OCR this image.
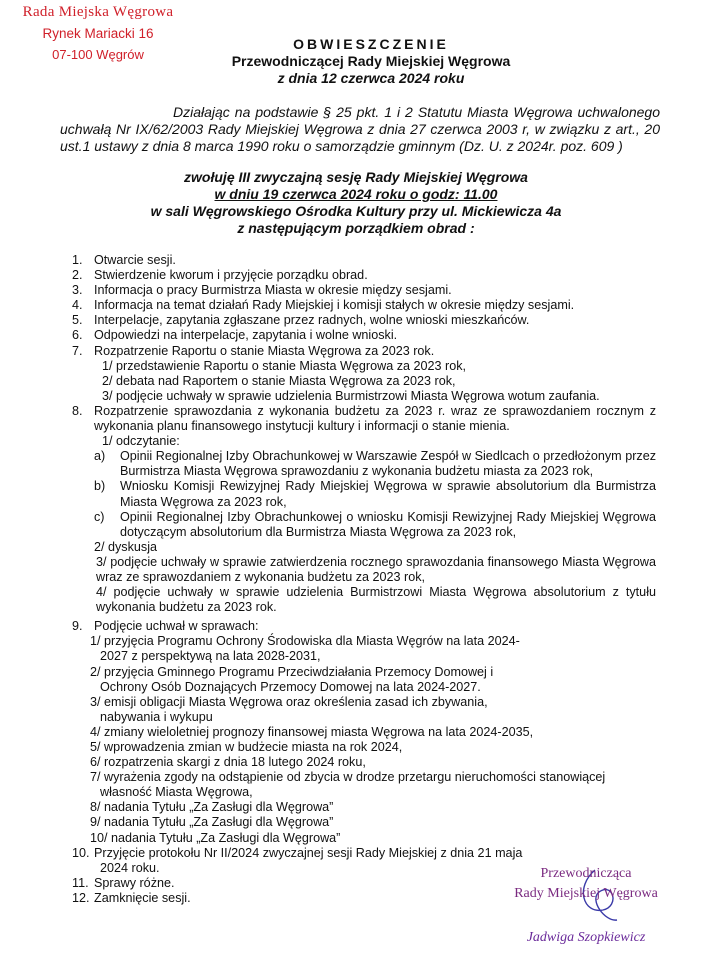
Rada Miejska Węgrowa
Rynek Mariacki 16
07-100 Węgrów
OBWIESZCZENIE
Przewodniczącej Rady Miejskiej Węgrowa
z dnia 12 czerwca 2024 roku
Działając na podstawie § 25 pkt. 1 i 2 Statutu Miasta Węgrowa uchwalonego uchwałą Nr IX/62/2003 Rady Miejskiej Węgrowa z dnia 27 czerwca 2003 r, w związku z art., 20 ust.1 ustawy z dnia 8 marca 1990 roku o samorządzie gminnym (Dz. U. z 2024r. poz. 609 )
zwołuję III zwyczajną sesję Rady Miejskiej Węgrowa
w dniu 19 czerwca 2024 roku o godz: 11.00
w sali Węgrowskiego Ośrodka Kultury przy ul. Mickiewicza 4a
z następującym porządkiem obrad :
1. Otwarcie sesji.
2. Stwierdzenie kworum i przyjęcie porządku obrad.
3. Informacja o pracy Burmistrza Miasta w okresie między sesjami.
4. Informacja na temat działań Rady Miejskiej i komisji stałych w okresie między sesjami.
5. Interpelacje, zapytania zgłaszane przez radnych, wolne wnioski mieszkańców.
6. Odpowiedzi na interpelacje, zapytania i wolne wnioski.
7. Rozpatrzenie Raportu o stanie Miasta Węgrowa za 2023 rok.
1/ przedstawienie Raportu o stanie Miasta Węgrowa za 2023 rok,
2/ debata nad Raportem o stanie Miasta Węgrowa za 2023 rok,
3/ podjęcie uchwały w sprawie udzielenia Burmistrzowi Miasta Węgrowa wotum zaufania.
8. Rozpatrzenie sprawozdania z wykonania budżetu za 2023 r. wraz ze sprawozdaniem rocznym z wykonania planu finansowego instytucji kultury i informacji o stanie mienia.
1/ odczytanie:
a) Opinii Regionalnej Izby Obrachunkowej w Warszawie Zespół w Siedlcach o przedłożonym przez Burmistrza Miasta Węgrowa sprawozdaniu z wykonania budżetu miasta za 2023 rok,
b) Wniosku Komisji Rewizyjnej Rady Miejskiej Węgrowa w sprawie absolutorium dla Burmistrza Miasta Węgrowa za 2023 rok,
c) Opinii Regionalnej Izby Obrachunkowej o wniosku Komisji Rewizyjnej Rady Miejskiej Węgrowa dotyczącym absolutorium dla Burmistrza Miasta Węgrowa za 2023 rok,
2/ dyskusja
3/ podjęcie uchwały w sprawie zatwierdzenia rocznego sprawozdania finansowego Miasta Węgrowa wraz ze sprawozdaniem z wykonania budżetu za 2023 rok,
4/ podjęcie uchwały w sprawie udzielenia Burmistrzowi Miasta Węgrowa absolutorium z tytułu wykonania budżetu za 2023 rok.
9. Podjęcie uchwał w sprawach:
1/ przyjęcia Programu Ochrony Środowiska dla Miasta Węgrów na lata 2024-
2027 z perspektywą na lata 2028-2031,
2/ przyjęcia Gminnego Programu Przeciwdziałania Przemocy Domowej i
Ochrony Osób Doznających Przemocy Domowej na lata 2024-2027.
3/ emisji obligacji Miasta Węgrowa oraz określenia zasad ich zbywania,
nabywania i wykupu
4/ zmiany wieloletniej prognozy finansowej miasta Węgrowa na lata 2024-2035,
5/ wprowadzenia zmian w budżecie miasta na rok 2024,
6/ rozpatrzenia skargi z dnia 18 lutego 2024 roku,
7/ wyrażenia zgody na odstąpienie od zbycia w drodze przetargu nieruchomości stanowiącej
własność Miasta Węgrowa,
8/ nadania Tytułu „Za Zasługi dla Węgrowa”
9/ nadania Tytułu „Za Zasługi dla Węgrowa”
10/ nadania Tytułu „Za Zasługi dla Węgrowa”
10. Przyjęcie protokołu Nr II/2024 zwyczajnej sesji Rady Miejskiej z dnia 21 maja
2024 roku.
11. Sprawy różne.
12. Zamknięcie sesji.
Przewodnicząca
Rady Miejskiej Węgrowa
Jadwiga Szopkiewicz
